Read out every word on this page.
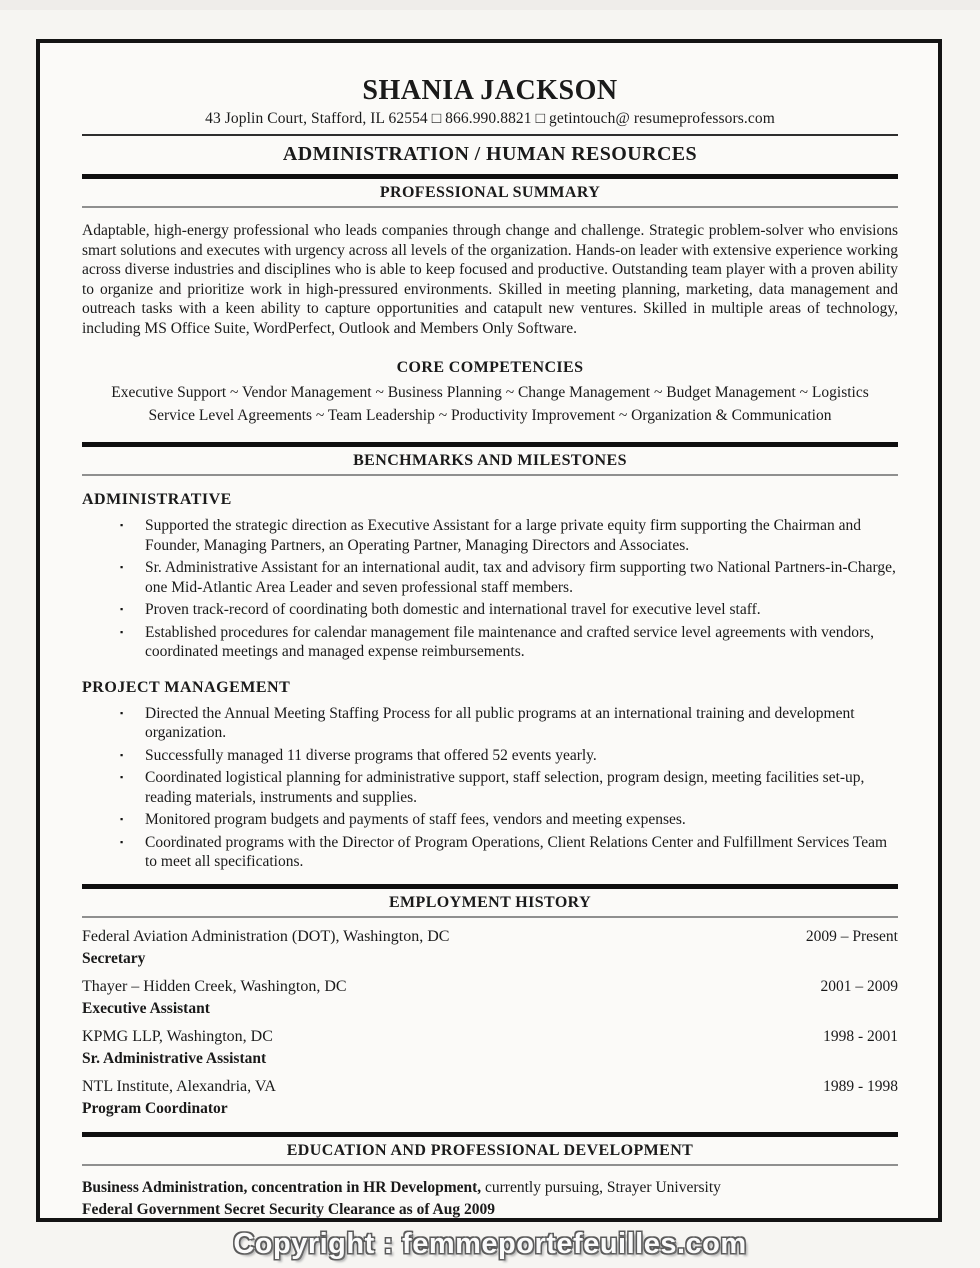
SHANIA JACKSON
43 Joplin Court, Stafford, IL 62554 □ 866.990.8821 □ getintouch@ resumeprofessors.com
ADMINISTRATION / HUMAN RESOURCES
PROFESSIONAL SUMMARY

Adaptable, high-energy professional who leads companies through change and challenge. Strategic problem-solver who envisions smart solutions and executes with urgency across all levels of the organization. Hands-on leader with extensive experience working across diverse industries and disciplines who is able to keep focused and productive. Outstanding team player with a proven ability to organize and prioritize work in high-pressured environments. Skilled in meeting planning, marketing, data management and outreach tasks with a keen ability to capture opportunities and catapult new ventures. Skilled in multiple areas of technology, including MS Office Suite, WordPerfect, Outlook and Members Only Software.

CORE COMPETENCIES

Executive Support ~ Vendor Management ~ Business Planning ~ Change Management ~ Budget Management ~ Logistics

Service Level Agreements ~ Team Leadership ~ Productivity Improvement ~ Organization & Communication

BENCHMARKS AND MILESTONES
ADMINISTRATIVE
▪	Supported the strategic direction as Executive Assistant for a large private equity firm supporting the Chairman and Founder, Managing Partners, an Operating Partner, Managing Directors and Associates.
▪	Sr. Administrative Assistant for an international audit, tax and advisory firm supporting two National Partners-in-Charge, one Mid-Atlantic Area Leader and seven professional staff members.
▪	Proven track-record of coordinating both domestic and international travel for executive level staff.
▪	Established procedures for calendar management file maintenance and crafted service level agreements with vendors, coordinated meetings and managed expense reimbursements.
PROJECT MANAGEMENT
▪	Directed the Annual Meeting Staffing Process for all public programs at an international training and development organization.
▪	Successfully managed 11 diverse programs that offered 52 events yearly.
▪	Coordinated logistical planning for administrative support, staff selection, program design, meeting facilities set-up, reading materials, instruments and supplies.
▪	Monitored program budgets and payments of staff fees, vendors and meeting expenses.
▪	Coordinated programs with the Director of Program Operations, Client Relations Center and Fulfillment Services Team to meet all specifications.
EMPLOYMENT HISTORY
Federal Aviation Administration (DOT), Washington, DC	2009 – Present
Secretary
Thayer – Hidden Creek, Washington, DC	2001 – 2009
Executive Assistant
KPMG LLP, Washington, DC	1998 - 2001
Sr. Administrative Assistant
NTL Institute, Alexandria, VA	1989 - 1998
Program Coordinator
EDUCATION AND PROFESSIONAL DEVELOPMENT

Business Administration, concentration in HR Development, currently pursuing, Strayer University

Federal Government Secret Security Clearance as of Aug 2009

Copyright : femmeportefeuilles.com
